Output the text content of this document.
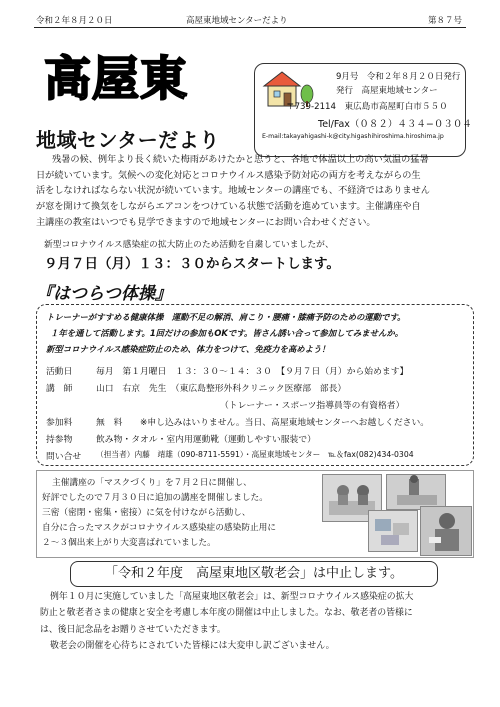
令和２年８月２０日	高屋東地域センターだより	第８７号
高屋東
地域センターだより
9月号　令和２年８月２０日発行
発行　高屋東地域センター
〒739-2114　東広島市高屋町白市５５０
Tel/Fax（０８２）４３４−０３０４
E-mail:takayahigashi-k@city.higashihiroshima.hiroshima.jp
残暑の候、例年より長く続いた梅雨があけたかと思うと、各地で体温以上の高い気温の猛暑
日が続いています。気候への変化対応とコロナウイルス感染予防対応の両方を考えながらの生
活をしなければならない状況が続いています。地域センターの講座でも、不経済ではありません
が窓を開けて換気をしながらエアコンをつけている状態で活動を進めています。主催講座や自
主講座の教室はいつでも見学できますので地域センターにお問い合わせください。
新型コロナウイルス感染症の拡大防止のため活動を自粛していましたが、
９月７日（月）１３：３０からスタートします。
『はつらつ体操』
トレーナーがすすめる健康体操　運動不足の解消、肩こり・腰痛・膝痛予防のための運動です。
１年を通して活動します。1回だけの参加もOKです。皆さん誘い合って参加してみませんか。
新型コロナウイルス感染症防止のため、体力をつけて、免疫力を高めよう！
活動日	毎月　第１月曜日　１３：３０〜１４：３０　【９月７日（月）から始めます】
講　師	山口　右京　先生　（東広島整形外科クリニック医療部　部長）
（トレーナー・スポーツ指導員等の有資格者）
参加料	無　料　　※申し込みはいりません。当日、高屋東地域センターへお越しください。
持参物	飲み物・タオル・室内用運動靴（運動しやすい服装で）
問い合せ （担当者）内藤　靖雄（090-8711-5591）・高屋東地域センター　℡＆fax(082)434-0304
主催講座の「マスクづくり」を７月２日に開催し、
好評でしたので７月３０日に追加の講座を開催しました。
三密（密閉・密集・密接）に気を付けながら活動し、
自分に合ったマスクがコロナウイルス感染症の感染防止用に
２〜３個出来上がり大変喜ばれていました。
「令和２年度　高屋東地区敬老会」は中止します。
例年１０月に実施していました「高屋東地区敬老会」は、新型コロナウイルス感染症の拡大
防止と敬老者さまの健康と安全を考慮し本年度の開催は中止しました。なお、敬老者の皆様に
は、後日記念品をお贈りさせていただきます。
敬老会の開催を心待ちにされていた皆様には大変申し訳ございません。
